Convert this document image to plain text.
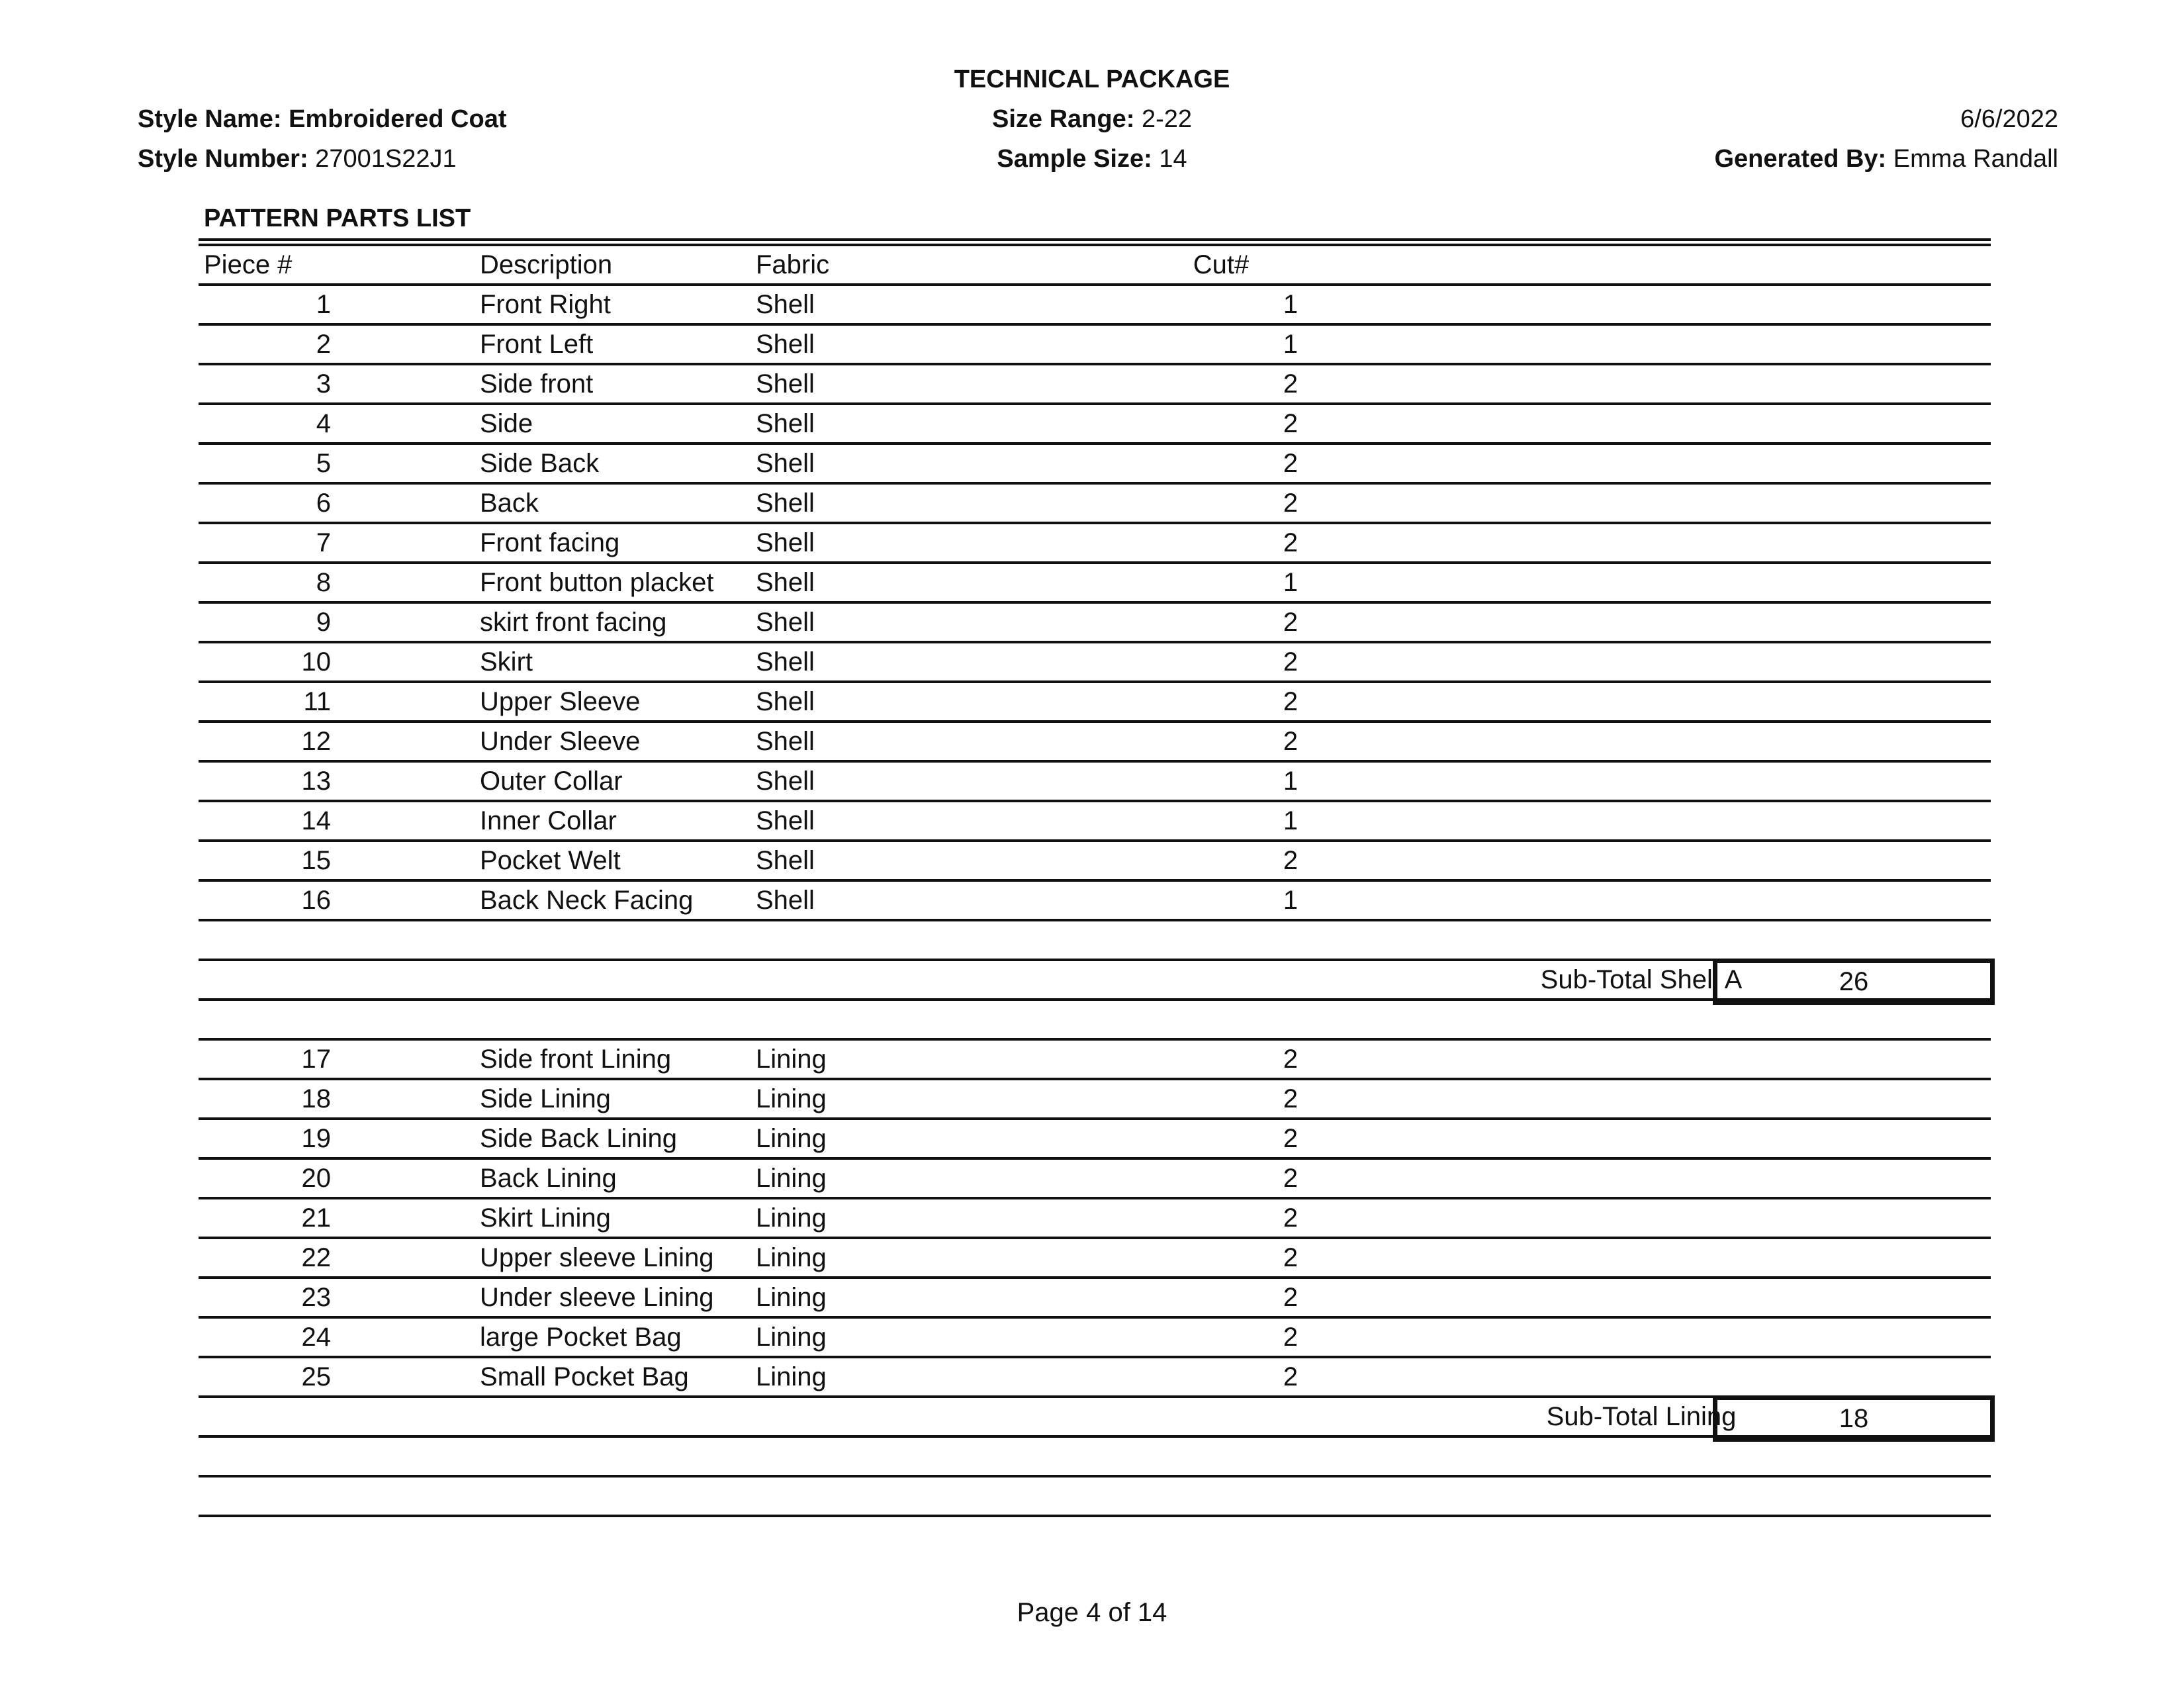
TECHNICAL PACKAGE
Style Name: Embroidered Coat
Style Number: 27001S22J1
Size Range: 2-22
Sample Size: 14
6/6/2022
Generated By: Emma Randall
PATTERN PARTS LIST
Piece #	Description	Fabric	Cut#
1	Front Right	Shell	1
2	Front Left	Shell	1
3	Side front	Shell	2
4	Side	Shell	2
5	Side Back	Shell	2
6	Back	Shell	2
7	Front facing	Shell	2
8	Front button placket Shell	1
9	skirt front facing	Shell	2
10	Skirt	Shell	2
11	Upper Sleeve	Shell	2
12	Under Sleeve	Shell	2
13	Outer Collar	Shell	1
14	Inner Collar	Shell	1
15	Pocket Welt	Shell	2
16	Back Neck Facing Shell	1
Sub-Total Shell A	26
17	Side front Lining	Lining	2
18	Side Lining	Lining	2
19	Side Back Lining	Lining	2
20	Back Lining	Lining	2
21	Skirt Lining	Lining	2
22	Upper sleeve Lining Lining	2
23	Under sleeve Lining Lining	2
24	large Pocket Bag	Lining	2
25	Small Pocket Bag	Lining	2
Sub-Total Lining	18
Page 4 of 14
